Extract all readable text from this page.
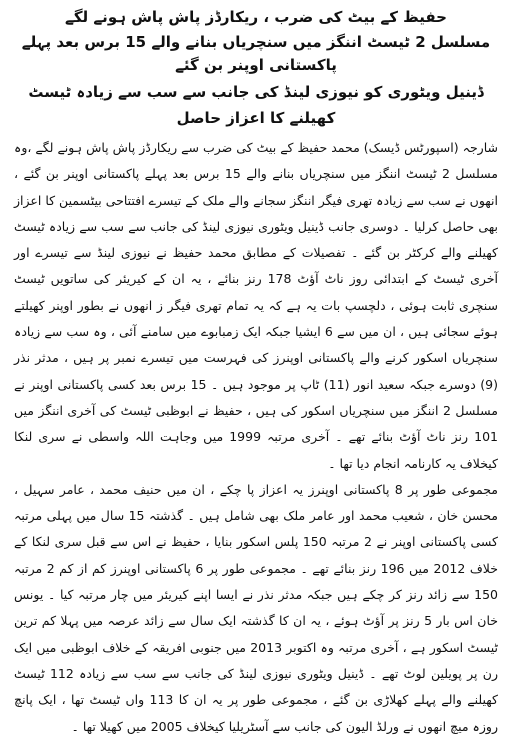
حفیظ کے بیٹ کی ضرب ، ریکارڈز پاش پاش ہونے لگے
مسلسل 2 ٹیسٹ اننگز میں سنچریاں بنانے والے 15 برس بعد پہلے پاکستانی اوپنر بن گئے
ڈینیل ویٹوری کو نیوزی لینڈ کی جانب سے سب سے زیادہ ٹیسٹ کھیلنے کا اعزاز حاصل

شارجہ (اسپورٹس ڈیسک) محمد حفیظ کے بیٹ کی ضرب سے ریکارڈز پاش پاش ہونے لگے ،وہ مسلسل 2 ٹیسٹ اننگز میں سنچریاں بنانے والے 15 برس بعد پہلے پاکستانی اوپنر بن گئے ، انھوں نے سب سے زیادہ تھری فیگر اننگز سجانے والے ملک کے تیسرے افتتاحی بیٹسمین کا اعزاز بھی حاصل کرلیا ۔ دوسری جانب ڈینیل ویٹوری نیوزی لینڈ کی جانب سے سب سے زیادہ ٹیسٹ کھیلنے والے کرکٹر بن گئے ۔ تفصیلات کے مطابق محمد حفیظ نے نیوزی لینڈ سے تیسرے اور آخری ٹیسٹ کے ابتدائی روز ناٹ آؤٹ 178 رنز بنائے ، یہ ان کے کیریئر کی ساتویں ٹیسٹ سنچری ثابت ہوئی ، دلچسپ بات یہ ہے کہ یہ تمام تھری فیگر ز انھوں نے بطور اوپنر کھیلتے ہوئے سجائی ہیں ، ان میں سے 6 ایشیا جبکہ ایک زمبابوے میں سامنے آئی ، وہ سب سے زیادہ سنچریاں اسکور کرنے والے پاکستانی اوپنرز کی فہرست میں تیسرے نمبر پر ہیں ، مدثر نذر (9) دوسرے جبکہ سعید انور (11) ٹاپ پر موجود ہیں ۔ 15 برس بعد کسی پاکستانی اوپنر نے مسلسل 2 اننگز میں سنچریاں اسکور کی ہیں ، حفیظ نے ابوظبی ٹیسٹ کی آخری اننگز میں 101 رنز ناٹ آؤٹ بنائے تھے ۔ آخری مرتبہ 1999 میں وجاہت اللہ واسطی نے سری لنکا کیخلاف یہ کارنامہ انجام دیا تھا ۔

مجموعی طور پر 8 پاکستانی اوپنرز یہ اعزاز پا چکے ، ان میں حنیف محمد ، عامر سہیل ، محسن خان ، شعیب محمد اور عامر ملک بھی شامل ہیں ۔ گذشتہ 15 سال میں پہلی مرتبہ کسی پاکستانی اوپنر نے 2 مرتبہ 150 پلس اسکور بنایا ، حفیظ نے اس سے قبل سری لنکا کے خلاف 2012 میں 196 رنز بنائے تھے ۔ مجموعی طور پر 6 پاکستانی اوپنرز کم از کم 2 مرتبہ 150 سے زائد رنز کر چکے ہیں جبکہ مدثر نذر نے ایسا اپنے کیریئر میں چار مرتبہ کیا ۔ یونس خان اس بار 5 رنز پر آؤٹ ہوئے ، یہ ان کا گذشتہ ایک سال سے زائد عرصہ میں پہلا کم ترین ٹیسٹ اسکور ہے ، آخری مرتبہ وہ اکتوبر 2013 میں جنوبی افریقہ کے خلاف ابوظبی میں ایک رن پر پویلین لوٹ تھے ۔ ڈینیل ویٹوری نیوزی لینڈ کی جانب سے سب سے زیادہ 112 ٹیسٹ کھیلنے والے پہلے کھلاڑی بن گئے ، مجموعی طور پر یہ ان کا 113 واں ٹیسٹ تھا ، ایک پانچ روزہ میچ انھوں نے ورلڈ الیون کی جانب سے آسٹریلیا کیخلاف 2005 میں کھیلا تھا ۔
